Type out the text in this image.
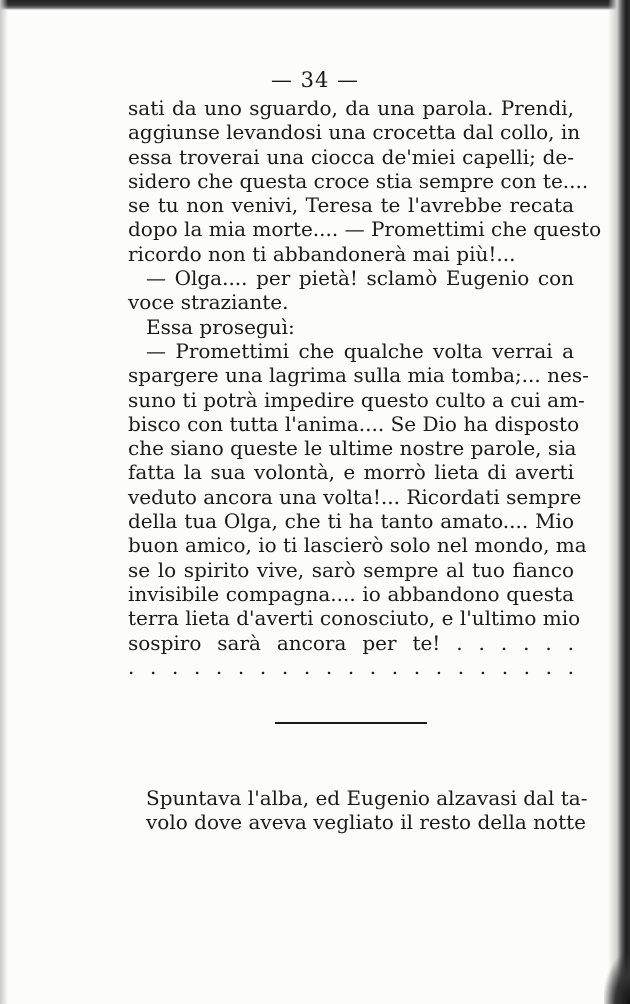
— 34 —
sati da uno sguardo, da una parola. Prendi,
aggiunse levandosi una crocetta dal collo, in
essa troverai una ciocca de'miei capelli; de-
sidero che questa croce stia sempre con te....
se tu non venivi, Teresa te l'avrebbe recata
dopo la mia morte.... — Promettimi che questo
ricordo non ti abbandonerà mai più!...
— Olga.... per pietà! sclamò Eugenio con
voce straziante.
Essa proseguì:
— Promettimi che qualche volta verrai a
spargere una lagrima sulla mia tomba;... nes-
suno ti potrà impedire questo culto a cui am-
bisco con tutta l'anima.... Se Dio ha disposto
che siano queste le ultime nostre parole, sia
fatta la sua volontà, e morrò lieta di averti
veduto ancora una volta!... Ricordati sempre
della tua Olga, che ti ha tanto amato.... Mio
buon amico, io ti lascierò solo nel mondo, ma
se lo spirito vive, sarò sempre al tuo fianco
invisibile compagna.... io abbandono questa
terra lieta d'averti conosciuto, e l'ultimo mio
sospiro sarà ancora per te! . . . . . .
. . . . . . . . . . . . . . . . . . . . .
Spuntava l'alba, ed Eugenio alzavasi dal ta-
volo dove aveva vegliato il resto della notte
